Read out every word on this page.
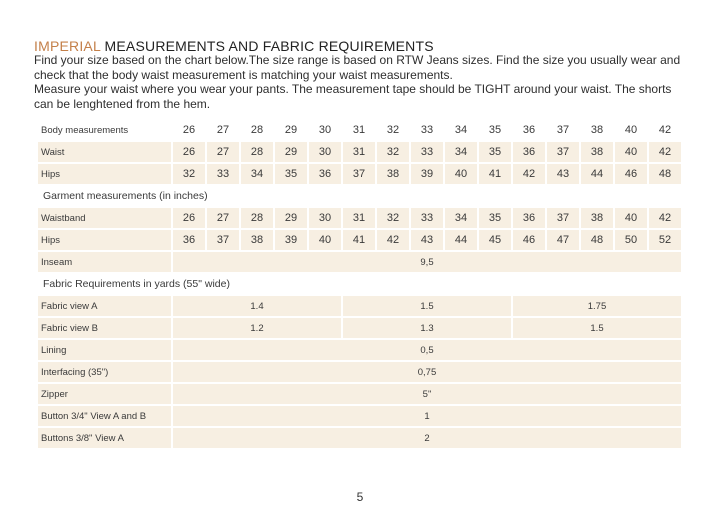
IMPERIAL MEASUREMENTS AND FABRIC REQUIREMENTS

Find your size based on the chart below.The size range is based on RTW Jeans sizes. Find the size you usually wear and check that the body waist measurement is matching your waist measurements.

Measure your waist where you wear your pants. The measurement tape should be TIGHT around your waist. The shorts can be lenghtened from the hem.

Body measurements	26	27	28	29	30	31	32	33	34	35	36	37	38	40	42
Waist	26	27	28	29	30	31	32	33	34	35	36	37	38	40	42
Hips	32	33	34	35	36	37	38	39	40	41	42	43	44	46	48
Garment measurements (in inches)															
Waistband	26	27	28	29	30	31	32	33	34	35	36	37	38	40	42
Hips	36	37	38	39	40	41	42	43	44	45	46	47	48	50	52
Inseam	9,5														
Fabric Requirements in yards (55" wide)															
Fabric view A	1.4					1.5					1.75				
Fabric view B	1.2					1.3					1.5				
Lining	0,5														
Interfacing (35")	0,75														
Zipper	5"														
Button 3/4" View A and B	1														
Buttons 3/8" View A	2														
5
